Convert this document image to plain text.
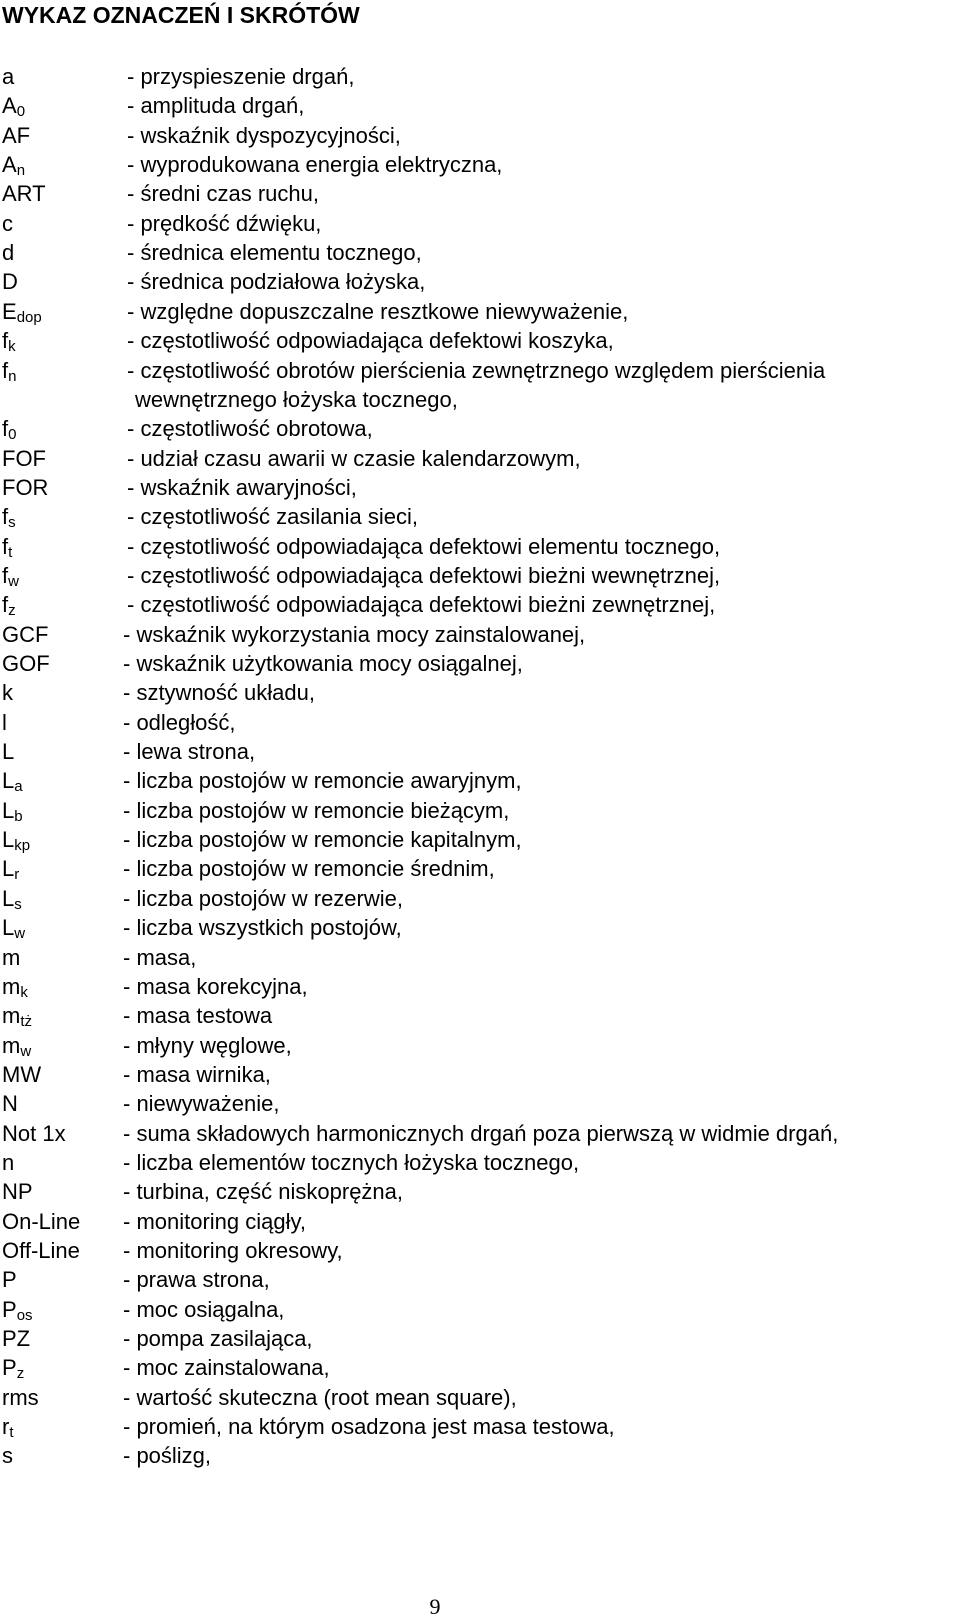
WYKAZ OZNACZEŃ I SKRÓTÓW
a	- przyspieszenie drgań,
$A_0$	- amplituda drgań,
AF	- wskaźnik dyspozycyjności,
$A_n$	- wyprodukowana energia elektryczna,
ART	- średni czas ruchu,
c	- prędkość dźwięku,
d	- średnica elementu tocznego,
D	- średnica podziałowa łożyska,
$E_{dop}$	- względne dopuszczalne resztkowe niewyważenie,
$f_k$	- częstotliwość odpowiadająca defektowi koszyka,
$f_n$	- częstotliwość obrotów pierścienia zewnętrznego względem pierścienia
wewnętrznego łożyska tocznego,
$f_0$	- częstotliwość obrotowa,
FOF	- udział czasu awarii w czasie kalendarzowym,
FOR	- wskaźnik awaryjności,
$f_s$	- częstotliwość zasilania sieci,
$f_t$	- częstotliwość odpowiadająca defektowi elementu tocznego,
$f_w$	- częstotliwość odpowiadająca defektowi bieżni wewnętrznej,
$f_z$	- częstotliwość odpowiadająca defektowi bieżni zewnętrznej,
GCF	- wskaźnik wykorzystania mocy zainstalowanej,
GOF	- wskaźnik użytkowania mocy osiągalnej,
k	- sztywność układu,
l	- odległość,
L	- lewa strona,
$L_a$	- liczba postojów w remoncie awaryjnym,
$L_b$	- liczba postojów w remoncie bieżącym,
$L_{kp}$	- liczba postojów w remoncie kapitalnym,
$L_r$	- liczba postojów w remoncie średnim,
$L_s$	- liczba postojów w rezerwie,
$L_w$	- liczba wszystkich postojów,
m	- masa,
$m_k$	- masa korekcyjna,
$m_{tż}$	- masa testowa
$m_w$	- młyny węglowe,
MW	- masa wirnika,
N	- niewyważenie,
Not 1x	- suma składowych harmonicznych drgań poza pierwszą w widmie drgań,
n	- liczba elementów tocznych łożyska tocznego,
NP	- turbina, część niskoprężna,
On-Line - monitoring ciągły,
Off-Line - monitoring okresowy,
P	- prawa strona,
$P_{os}$	- moc osiągalna,
PZ	- pompa zasilająca,
$P_z$	- moc zainstalowana,
rms	- wartość skuteczna (root mean square),
$r_t$	- promień, na którym osadzona jest masa testowa,
s	- poślizg,
9
